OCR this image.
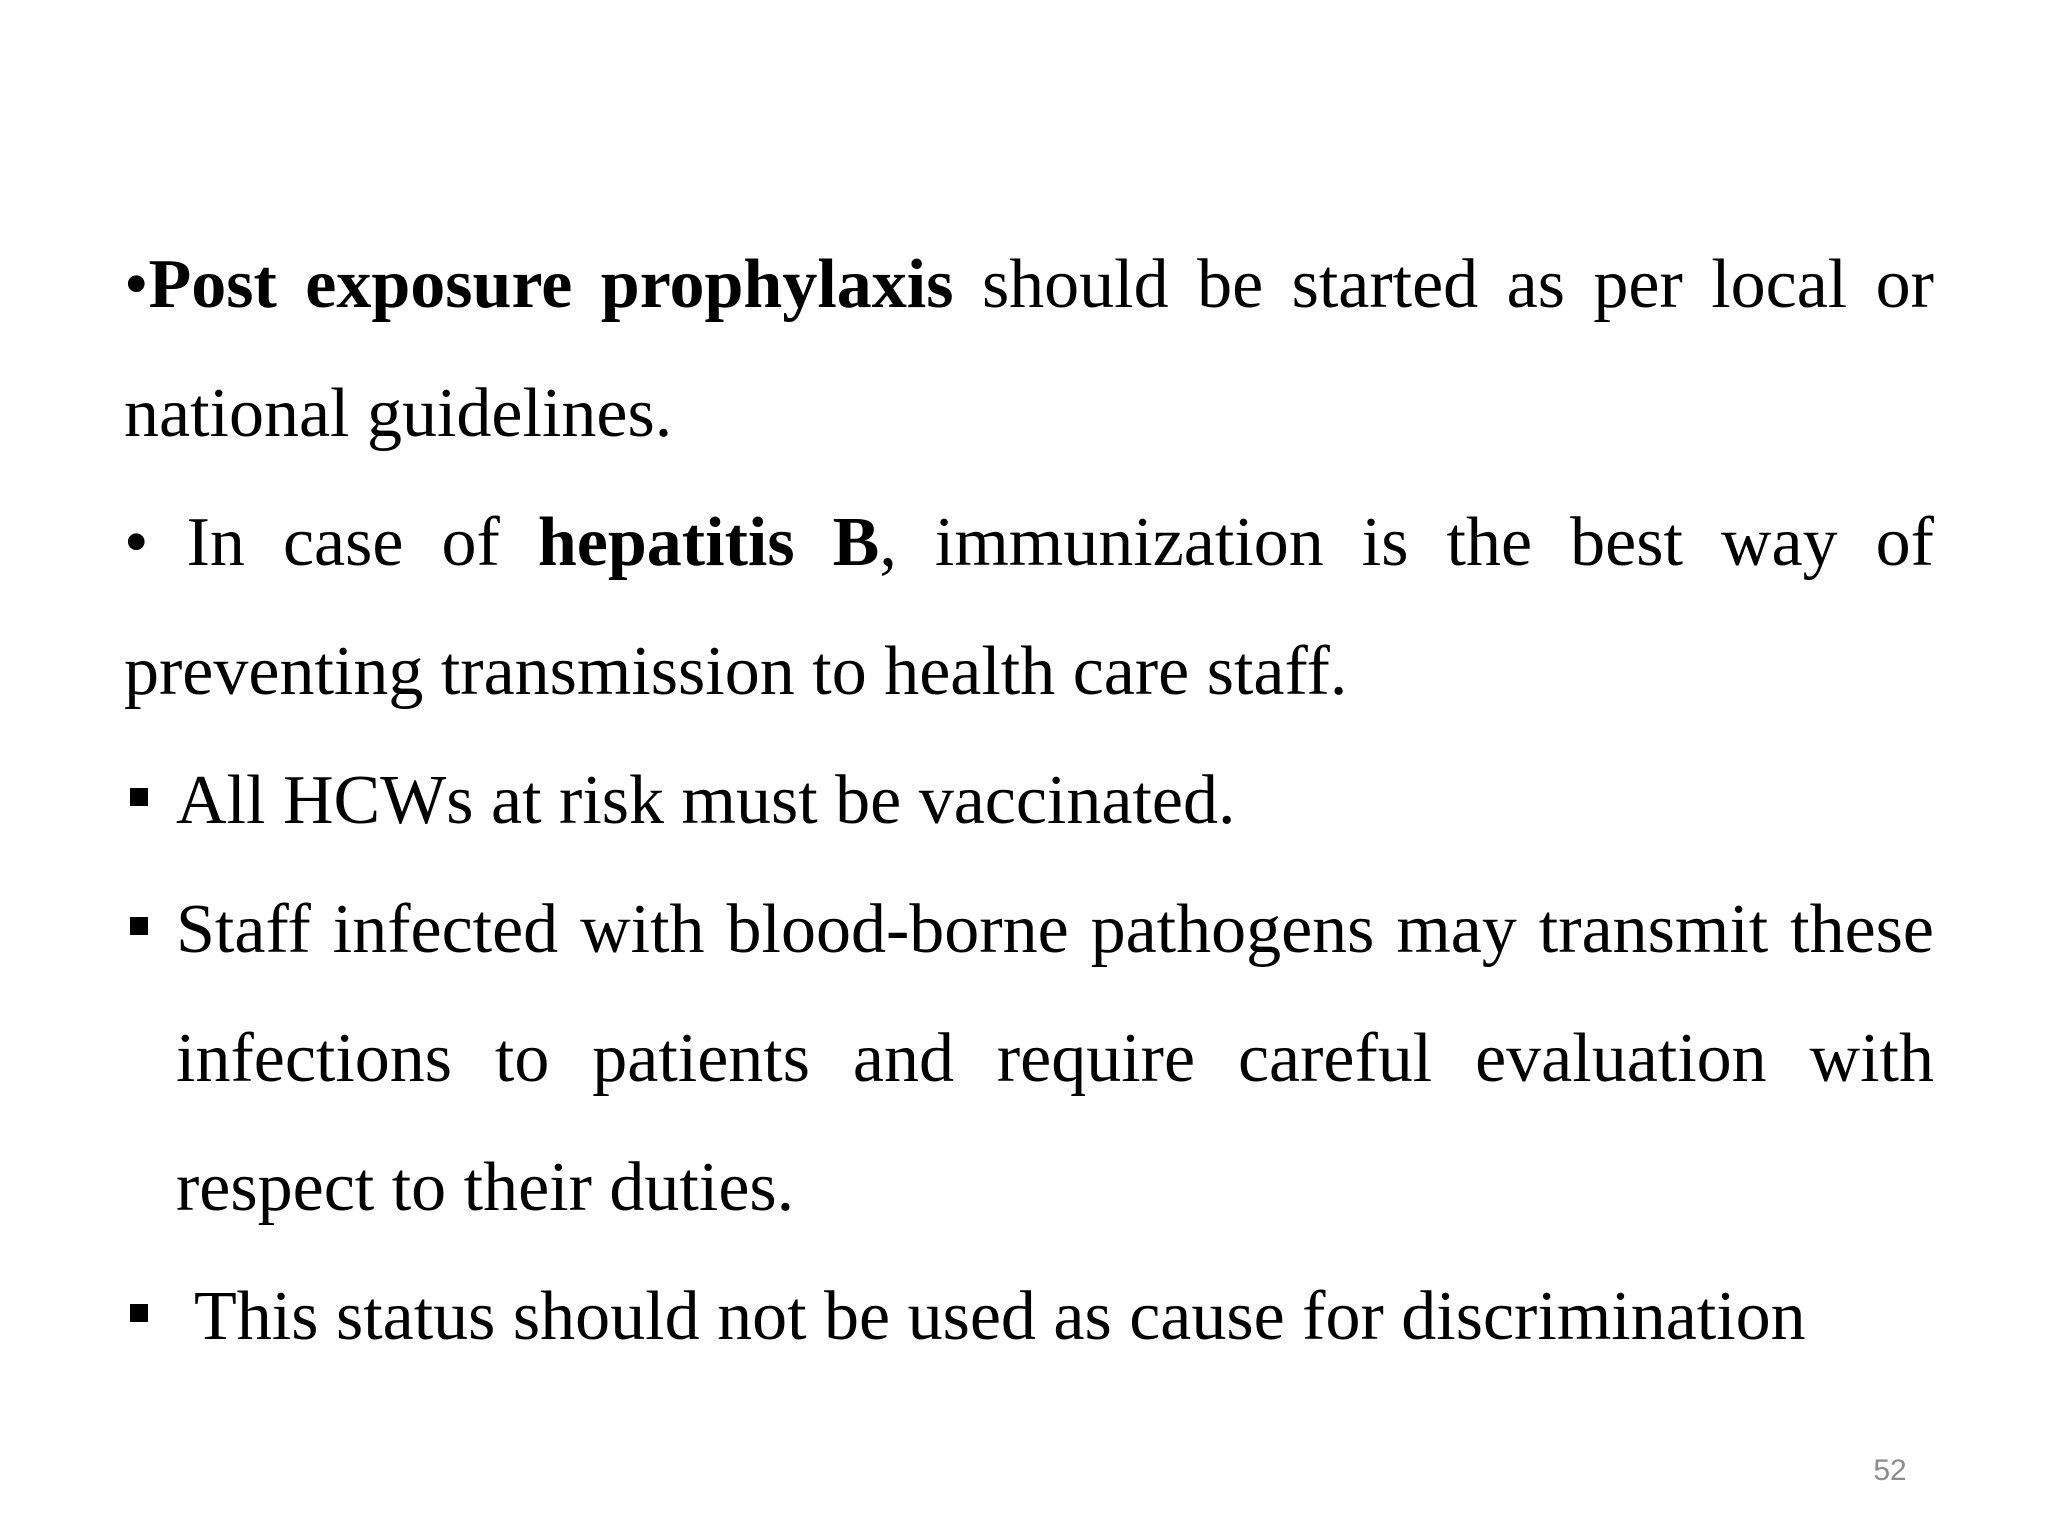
•Post exposure prophylaxis should be started as per local or national guidelines.

• In case of hepatitis B, immunization is the best way of preventing transmission to health care staff.

All HCWs at risk must be vaccinated.
Staff infected with blood-borne pathogens may transmit these infections to patients and require careful evaluation with respect to their duties.
This status should not be used as cause for discrimination
52
